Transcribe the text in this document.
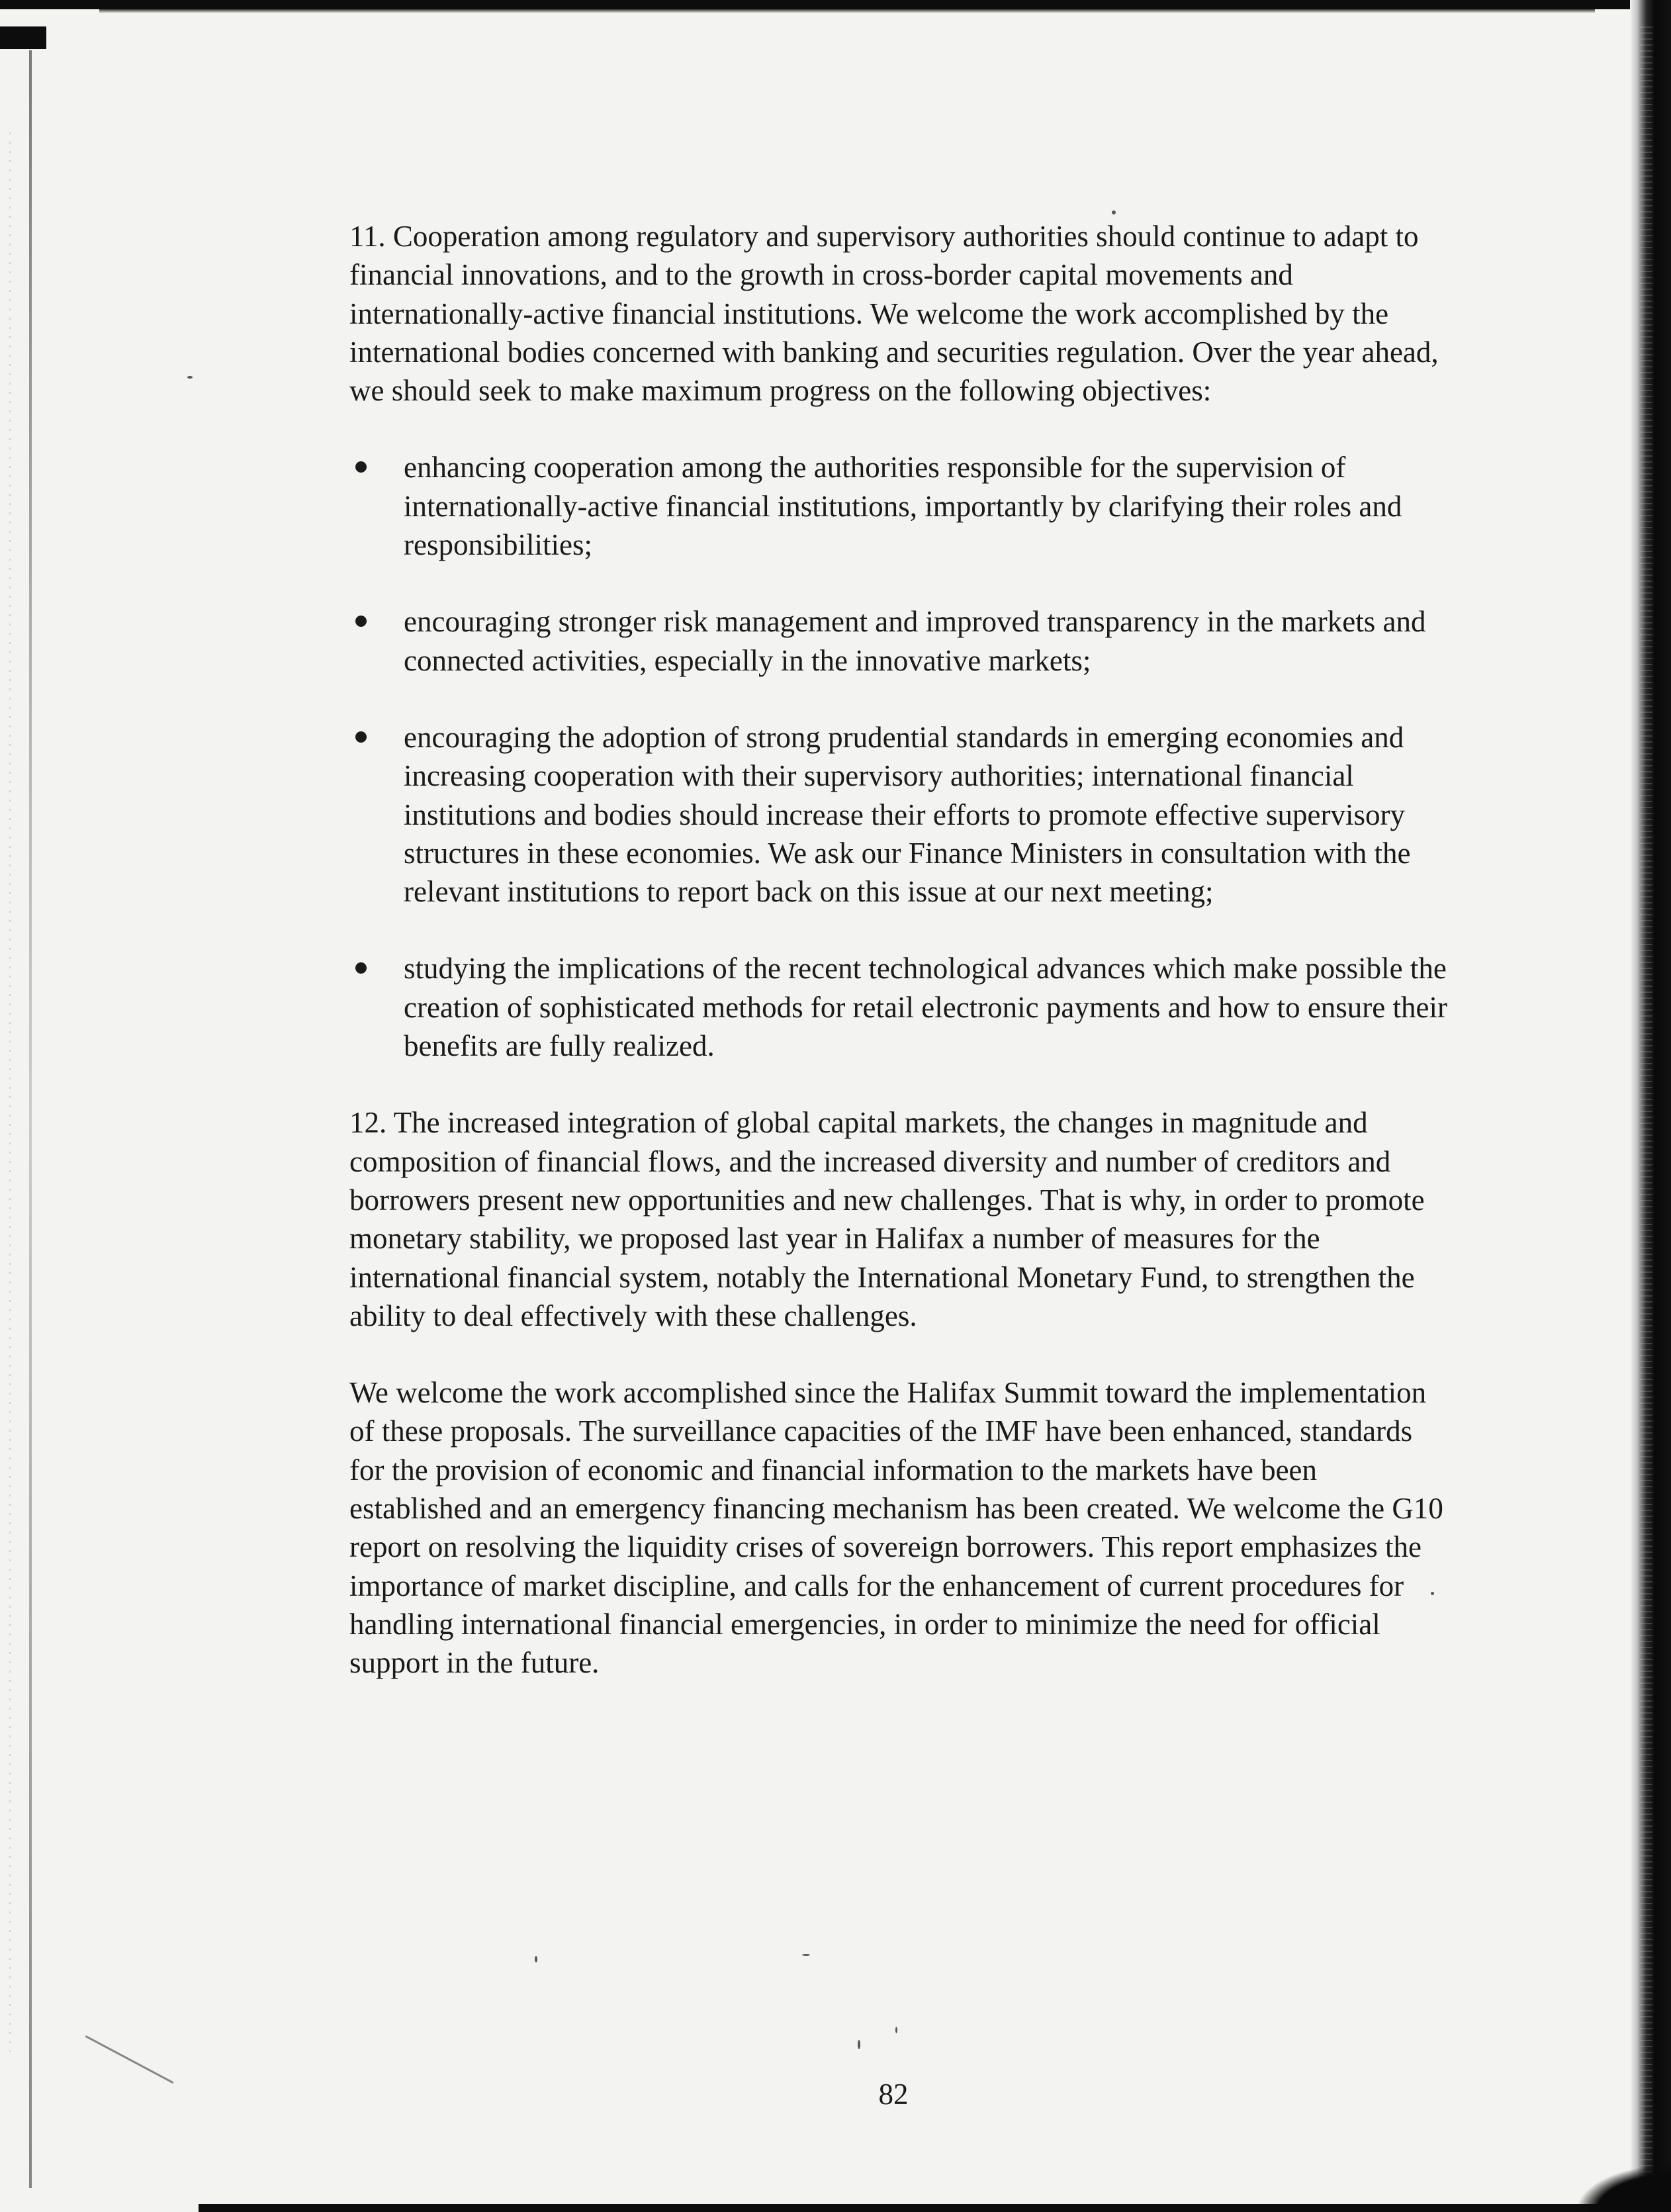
11. Cooperation among regulatory and supervisory authorities should continue to adapt to financial innovations, and to the growth in cross-border capital movements and internationally-active financial institutions. We welcome the work accomplished by the international bodies concerned with banking and securities regulation. Over the year ahead, we should seek to make maximum progress on the following objectives:

enhancing cooperation among the authorities responsible for the supervision of internationally-active financial institutions, importantly by clarifying their roles and responsibilities;
encouraging stronger risk management and improved transparency in the markets and connected activities, especially in the innovative markets;
encouraging the adoption of strong prudential standards in emerging economies and increasing cooperation with their supervisory authorities; international financial institutions and bodies should increase their efforts to promote effective supervisory structures in these economies. We ask our Finance Ministers in consultation with the relevant institutions to report back on this issue at our next meeting;
studying the implications of the recent technological advances which make possible the creation of sophisticated methods for retail electronic payments and how to ensure their benefits are fully realized.

12. The increased integration of global capital markets, the changes in magnitude and composition of financial flows, and the increased diversity and number of creditors and borrowers present new opportunities and new challenges. That is why, in order to promote monetary stability, we proposed last year in Halifax a number of measures for the international financial system, notably the International Monetary Fund, to strengthen the ability to deal effectively with these challenges.

We welcome the work accomplished since the Halifax Summit toward the implementation of these proposals. The surveillance capacities of the IMF have been enhanced, standards for the provision of economic and financial information to the markets have been established and an emergency financing mechanism has been created. We welcome the G10 report on resolving the liquidity crises of sovereign borrowers. This report emphasizes the importance of market discipline, and calls for the enhancement of current procedures for handling international financial emergencies, in order to minimize the need for official support in the future.

82
